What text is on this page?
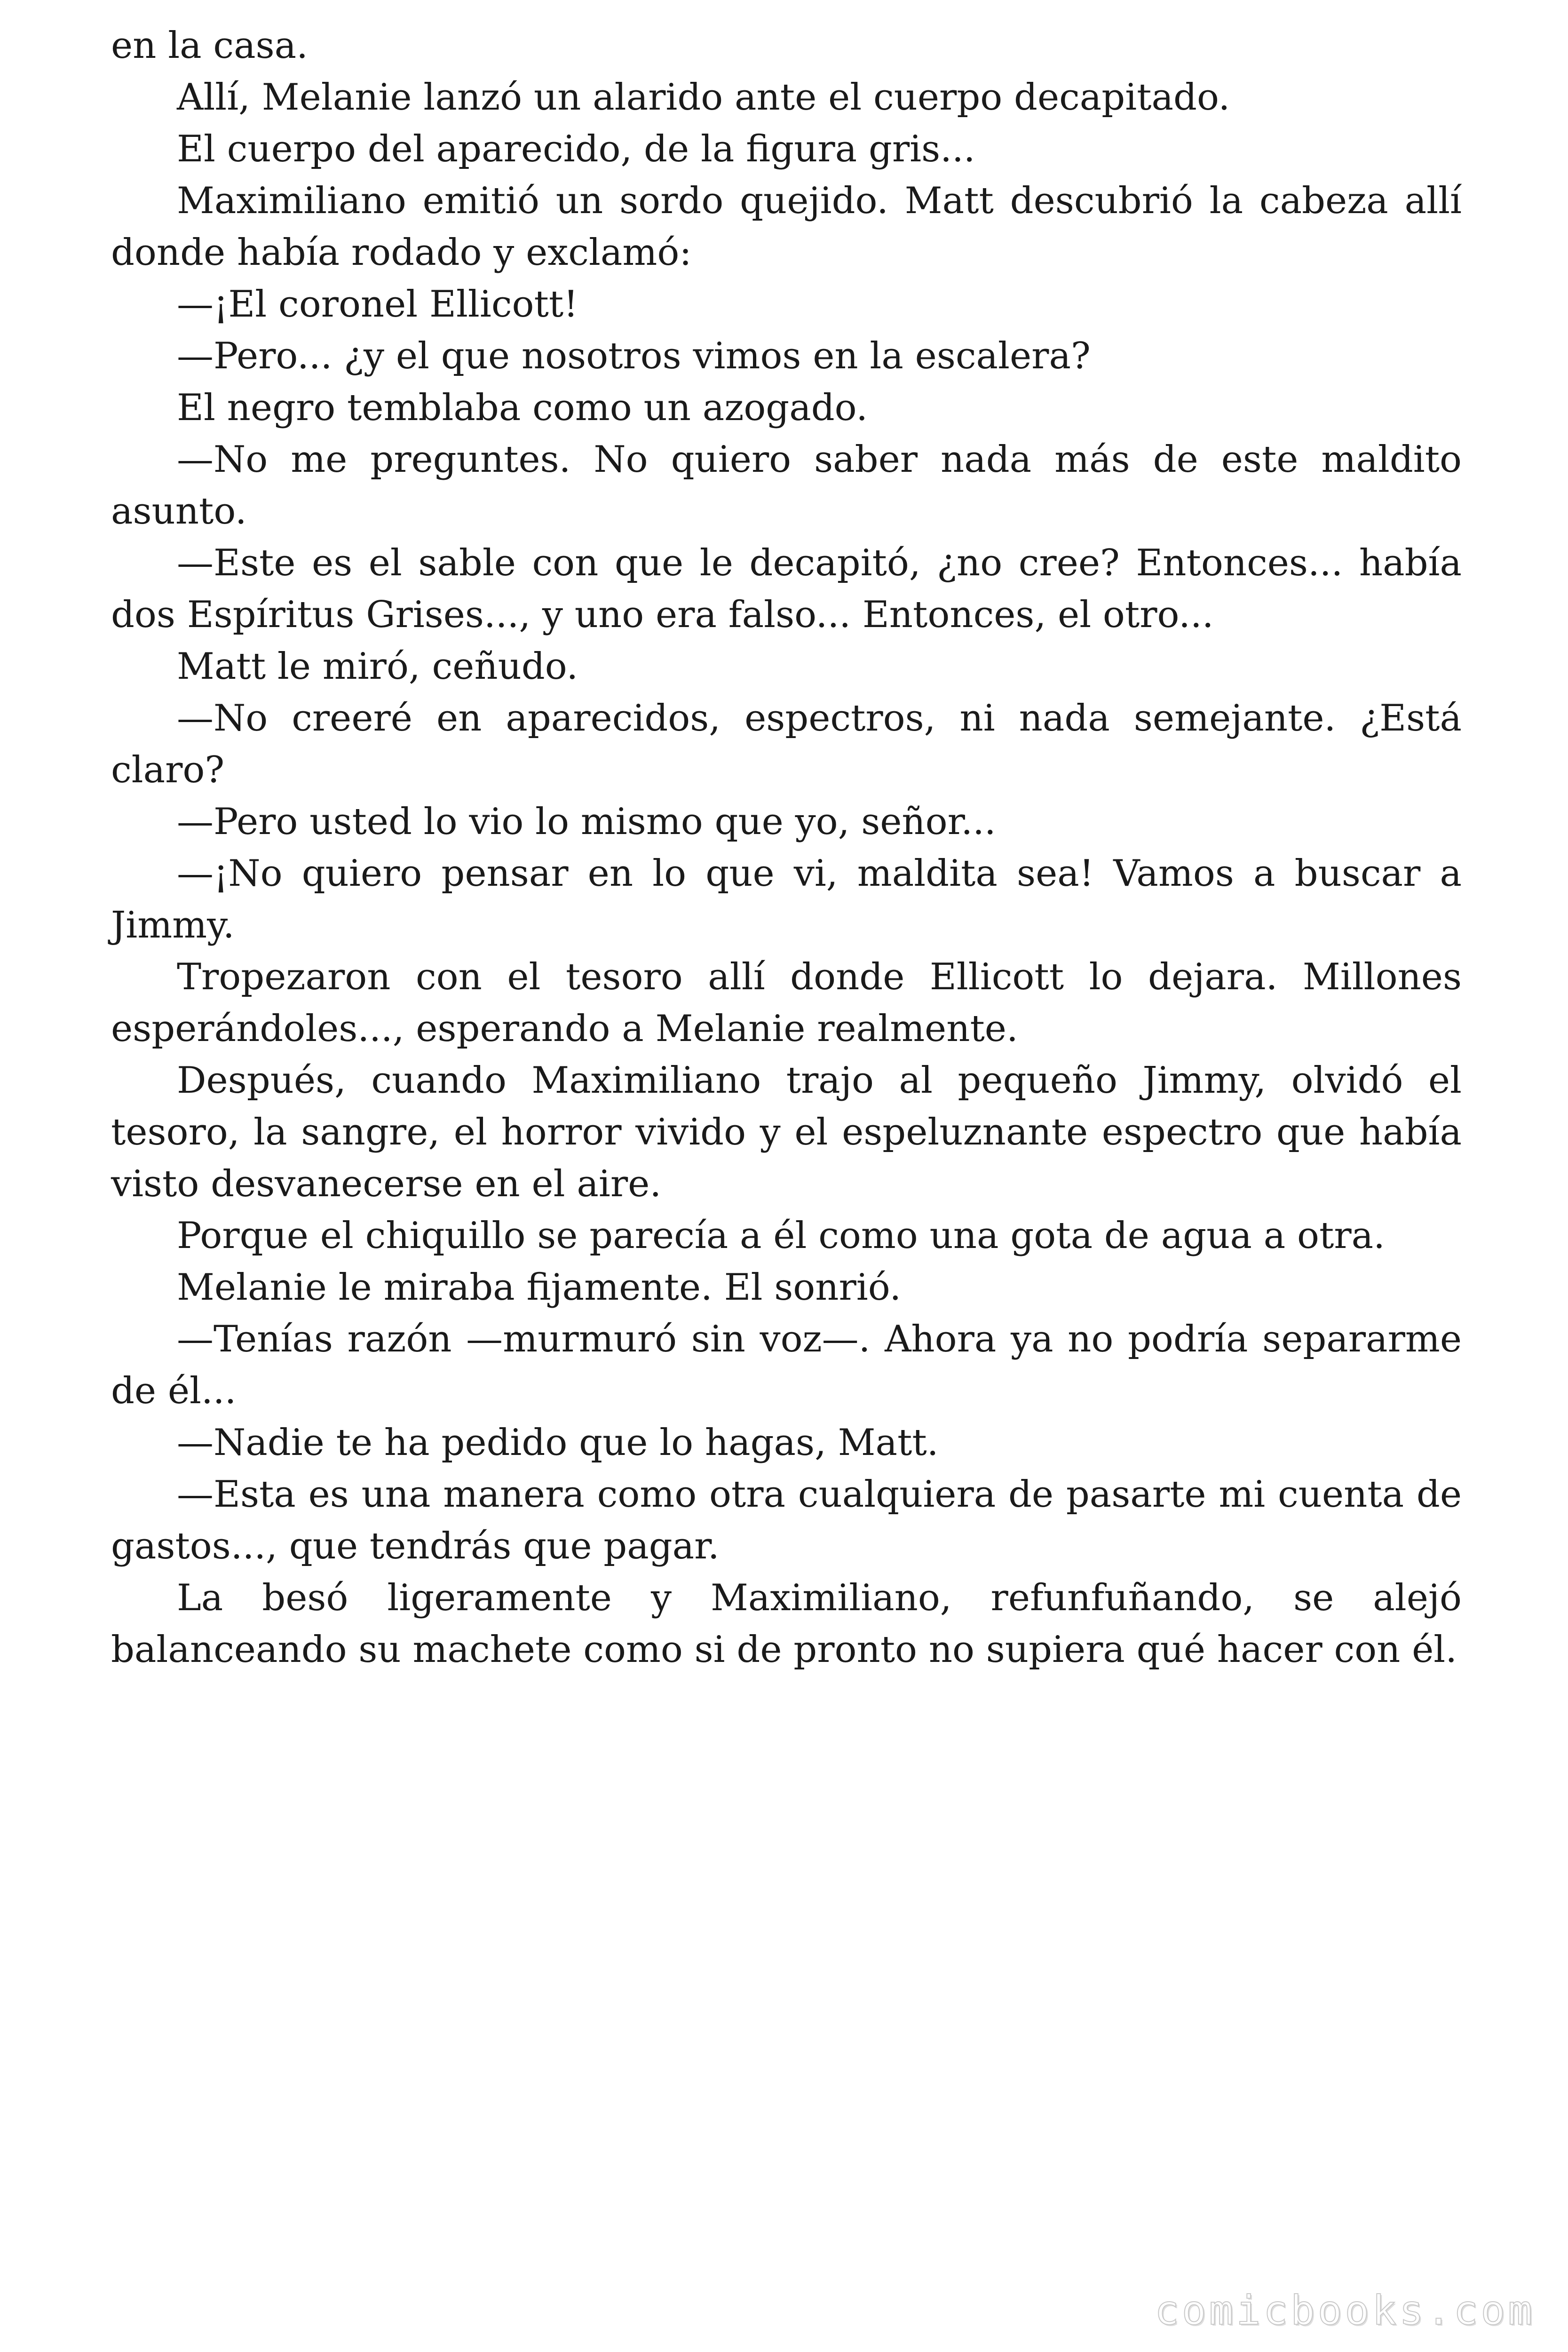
en la casa.

Allí, Melanie lanzó un alarido ante el cuerpo decapitado.

El cuerpo del aparecido, de la figura gris...

Maximiliano emitió un sordo quejido. Matt descubrió la cabeza allí donde había rodado y exclamó:

—¡El coronel Ellicott!

—Pero... ¿y el que nosotros vimos en la escalera?

El negro temblaba como un azogado.

—No me preguntes. No quiero saber nada más de este maldito asunto.

—Este es el sable con que le decapitó, ¿no cree? Entonces... había dos Espíritus Grises..., y uno era falso... Entonces, el otro...

Matt le miró, ceñudo.

—No creeré en aparecidos, espectros, ni nada semejante. ¿Está claro?

—Pero usted lo vio lo mismo que yo, señor...

—¡No quiero pensar en lo que vi, maldita sea! Vamos a buscar a Jimmy.

Tropezaron con el tesoro allí donde Ellicott lo dejara. Millones esperándoles..., esperando a Melanie realmente.

Después, cuando Maximiliano trajo al pequeño Jimmy, olvidó el tesoro, la sangre, el horror vivido y el espeluznante espectro que había visto desvanecerse en el aire.

Porque el chiquillo se parecía a él como una gota de agua a otra.

Melanie le miraba fijamente. El sonrió.

—Tenías razón —murmuró sin voz—. Ahora ya no podría separarme de él...

—Nadie te ha pedido que lo hagas, Matt.

—Esta es una manera como otra cualquiera de pasarte mi cuenta de gastos..., que tendrás que pagar.

La besó ligeramente y Maximiliano, refunfuñando, se alejó balanceando su machete como si de pronto no supiera qué hacer con él.

comicbooks.com
